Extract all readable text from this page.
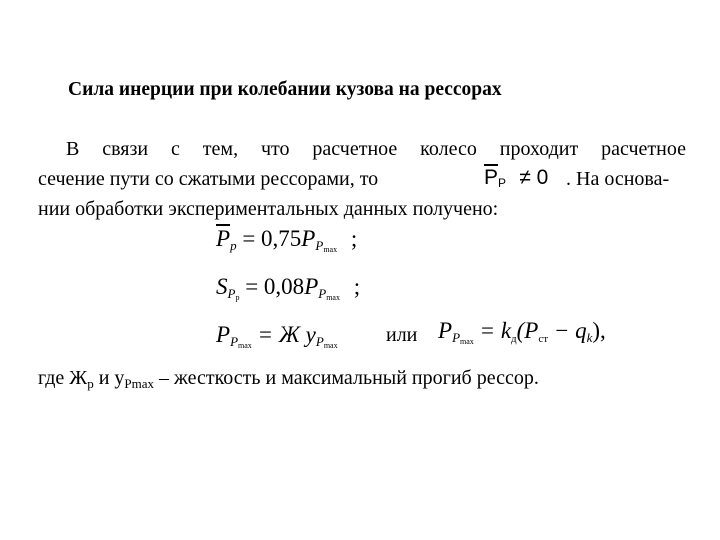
Сила инерции при колебании кузова на рессорах
В связи с тем, что расчетное колесо проходит расчетное
сечение пути со сжатыми рессорами, то	$\overline{P}P \ne 0$ . На основа-
нии обработки экспериментальных данных получено:
$\overline{P}p = 0,75PP_{max}$ ;
$SP_p = 0,08PP_{max}$ ;
$PP_{max} = Ж$ $yP_{max}$ или $PP_{max} = k_д(P_{ст} - qk)$,
где $Ж_р$ и $у_{Pmax}$ – жесткость и максимальный прогиб рессор.
